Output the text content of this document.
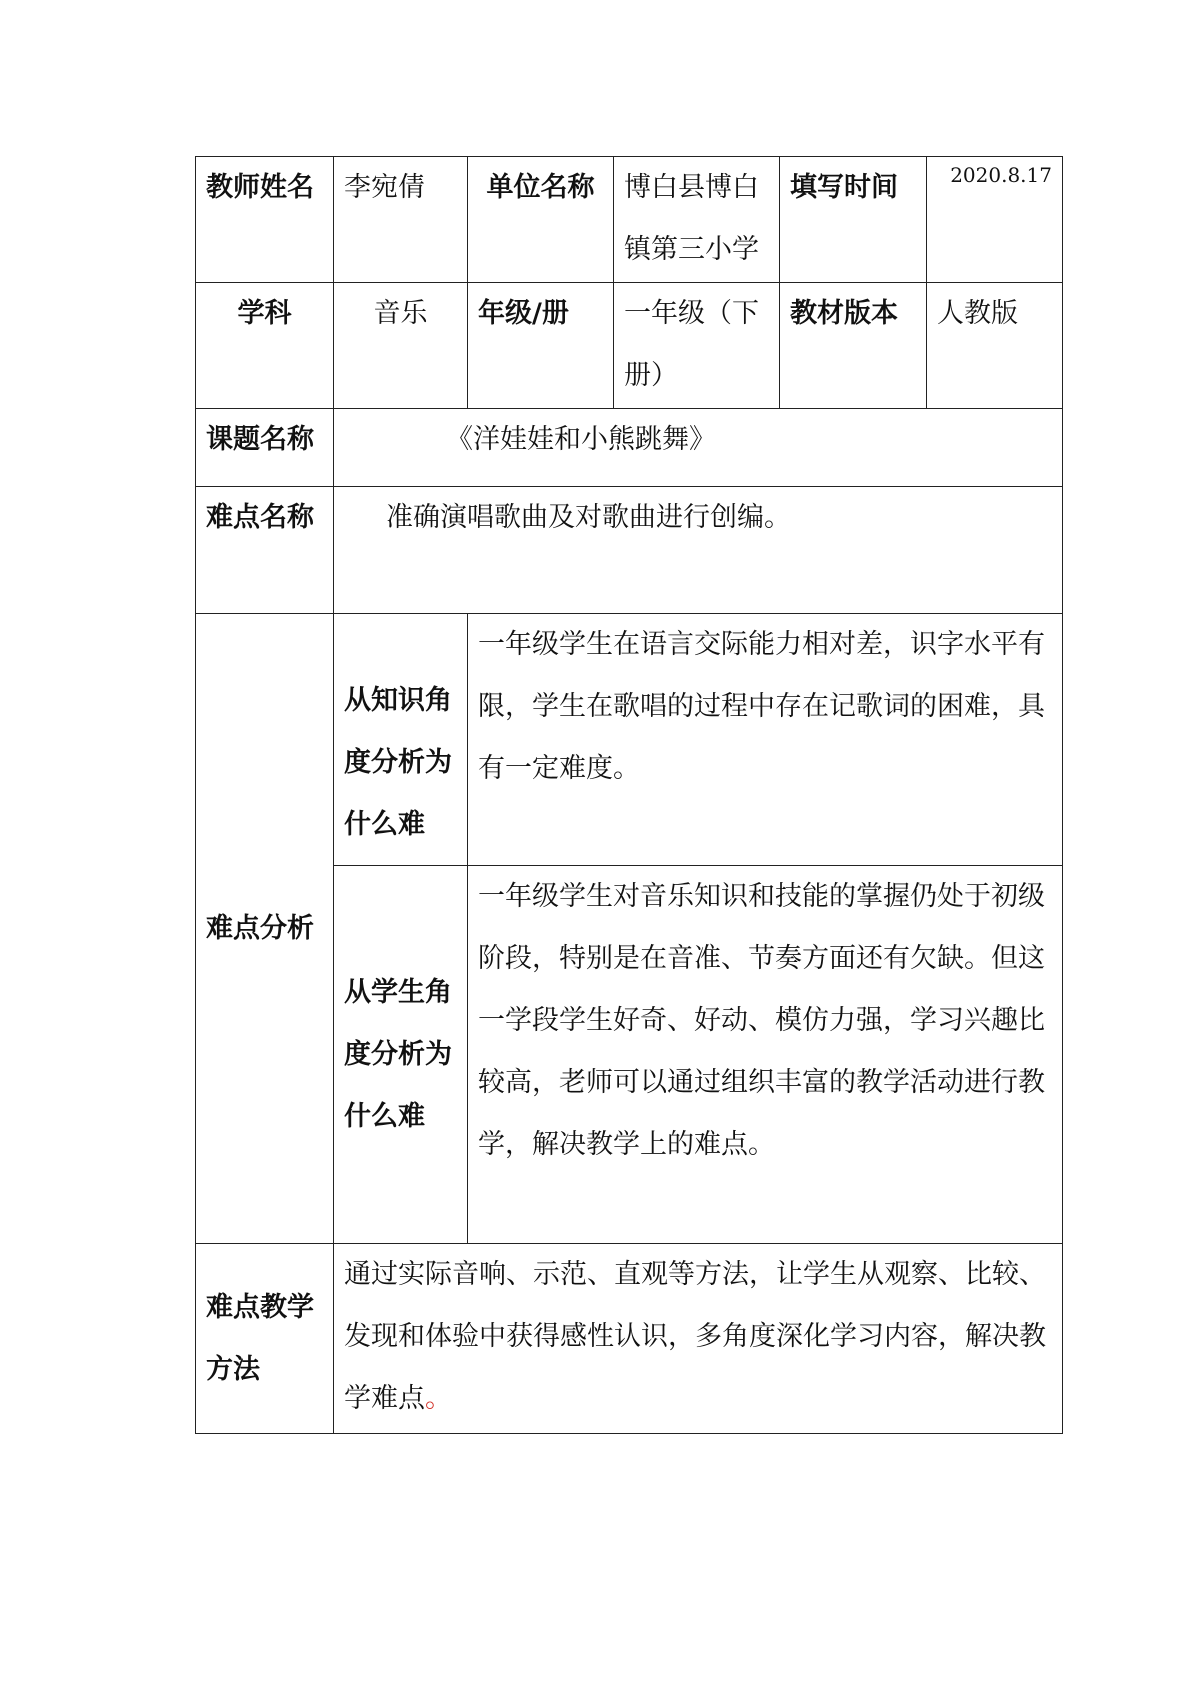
教师姓名	李宛倩	单位名称	博白县博白镇第三小学	填写时间	2020.8.17

学科	音乐	年级/册	一年级（下册）	教材版本	人教版
课题名称	《洋娃娃和小熊跳舞》				
难点名称	准确演唱歌曲及对歌曲进行创编。				
难点分析	从知识角度分析为什么难	一年级学生在语言交际能力相对差，识字水平有限，学生在歌唱的过程中存在记歌词的困难，具有一定难度。			
	从学生角度分析为什么难	一年级学生对音乐知识和技能的掌握仍处于初级阶段，特别是在音准、节奏方面还有欠缺。但这一学段学生好奇、好动、模仿力强，学习兴趣比较高，老师可以通过组织丰富的教学活动进行教学，解决教学上的难点。			
难点教学方法	通过实际音响、示范、直观等方法，让学生从观察、比较、发现和体验中获得感性认识，多角度深化学习内容，解决教学难点。				
